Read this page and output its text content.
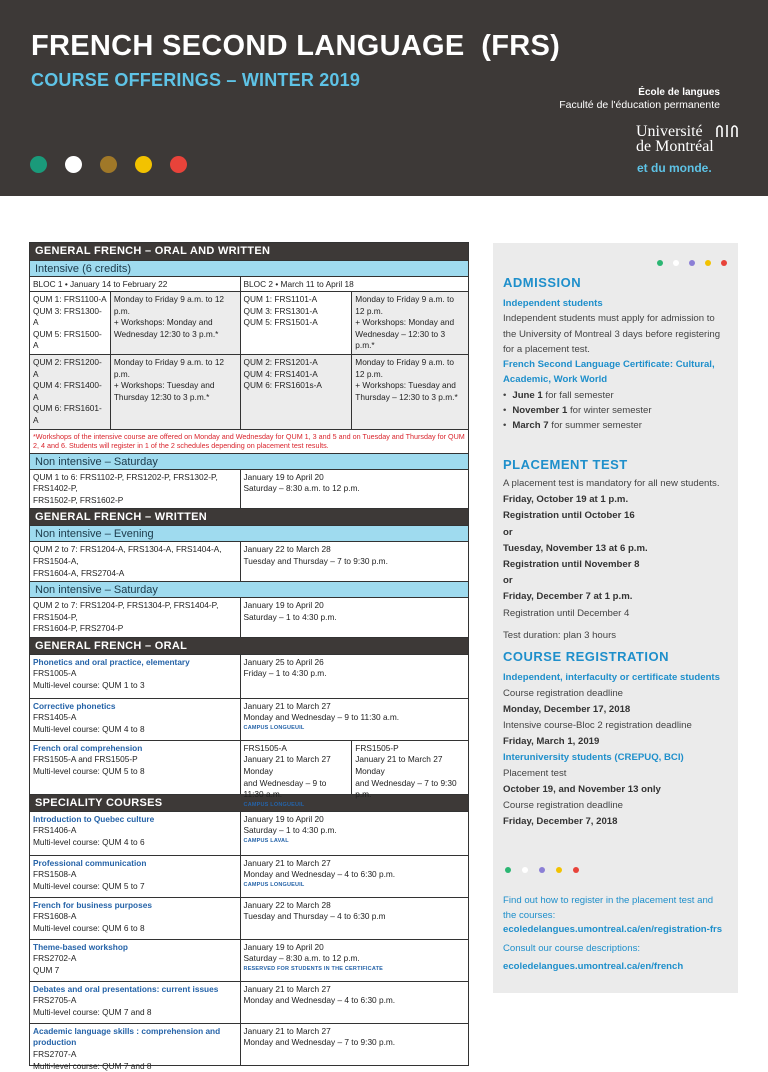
FRENCH SECOND LANGUAGE (FRS)
COURSE OFFERINGS – WINTER 2019
École de langues
Faculté de l'éducation permanente
Université
de Montréal
et du monde.
GENERAL FRENCH – ORAL AND WRITTEN
Intensive (6 credits)
BLOC 1 • January 14 to February 22	BLOC 2 • March 11 to April 18
QUM 1: FRS1100-A
QUM 3: FRS1300-A
QUM 5: FRS1500-A
Monday to Friday 9 a.m. to 12 p.m.
+ Workshops: Monday and
Wednesday 12:30 to 3 p.m.*
QUM 1: FRS1101-A
QUM 3: FRS1301-A
QUM 5: FRS1501-A
Monday to Friday 9 a.m. to 12 p.m.
+ Workshops: Monday and
Wednesday – 12:30 to 3 p.m.*
QUM 2: FRS1200-A
QUM 4: FRS1400-A
QUM 6: FRS1601-A
Monday to Friday 9 a.m. to 12 p.m.
+ Workshops: Tuesday and
Thursday 12:30 to 3 p.m.*
QUM 2: FRS1201-A
QUM 4: FRS1401-A
QUM 6: FRS1601s-A
Monday to Friday 9 a.m. to 12 p.m.
+ Workshops: Tuesday and
Thursday – 12:30 to 3 p.m.*
*Workshops of the intensive course are offered on Monday and Wednesday for QUM 1, 3 and 5 and on Tuesday and Thursday for QUM 2, 4 and 6. Students will register in 1 of the 2 schedules depending on placement test results.
Non intensive – Saturday
QUM 1 to 6: FRS1102-P, FRS1202-P, FRS1302-P, FRS1402-P,
FRS1502-P, FRS1602-P
January 19 to April 20
Saturday – 8:30 a.m. to 12 p.m.
GENERAL FRENCH – WRITTEN
Non intensive – Evening
QUM 2 to 7: FRS1204-A, FRS1304-A, FRS1404-A, FRS1504-A,
FRS1604-A, FRS2704-A
January 22 to March 28
Tuesday and Thursday – 7 to 9:30 p.m.
Non intensive – Saturday
QUM 2 to 7: FRS1204-P, FRS1304-P, FRS1404-P, FRS1504-P,
FRS1604-P, FRS2704-P
January 19 to April 20
Saturday – 1 to 4:30 p.m.
GENERAL FRENCH – ORAL
Phonetics and oral practice, elementary
FRS1005-A
Multi-level course: QUM 1 to 3
January 25 to April 26
Friday – 1 to 4:30 p.m.
Corrective phonetics
FRS1405-A
Multi-level course: QUM 4 to 8
January 21 to March 27
Monday and Wednesday – 9 to 11:30 a.m.
CAMPUS LONGUEUIL
French oral comprehension
FRS1505-A and FRS1505-P
Multi-level course: QUM 5 to 8
FRS1505-A
January 21 to March 27 Monday
and Wednesday – 9 to 11:30 a.m.
CAMPUS LONGUEUIL
FRS1505-P
January 21 to March 27 Monday
and Wednesday – 7 to 9:30 p.m.
SPECIALITY COURSES
Introduction to Quebec culture
FRS1406-A
Multi-level course: QUM 4 to 6
January 19 to April 20
Saturday – 1 to 4:30 p.m.
CAMPUS LAVAL
Professional communication
FRS1508-A
Multi-level course: QUM 5 to 7
January 21 to March 27
Monday and Wednesday – 4 to 6:30 p.m.
CAMPUS LONGUEUIL
French for business purposes
FRS1608-A
Multi-level course: QUM 6 to 8
January 22 to March 28
Tuesday and Thursday – 4 to 6:30 p.m
Theme-based workshop
FRS2702-A
QUM 7
January 19 to April 20
Saturday – 8:30 a.m. to 12 p.m.
RESERVED FOR STUDENTS IN THE CERTIFICATE
Debates and oral presentations: current issues
FRS2705-A
Multi-level course: QUM 7 and 8
January 21 to March 27
Monday and Wednesday – 4 to 6:30 p.m.
Academic language skills : comprehension and production
FRS2707-A
Multi-level course: QUM 7 and 8
January 21 to March 27
Monday and Wednesday – 7 to 9:30 p.m.
ADMISSION
Independent students
Independent students must apply for admission to the University of Montreal 3 days before registering for a placement test.
French Second Language Certificate: Cultural, Academic, Work World
• June 1 for fall semester
• November 1 for winter semester
• March 7 for summer semester
PLACEMENT TEST
A placement test is mandatory for all new students.
Friday, October 19 at 1 p.m.
Registration until October 16
or
Tuesday, November 13 at 6 p.m.
Registration until November 8
or
Friday, December 7 at 1 p.m.
Registration until December 4
Test duration: plan 3 hours
COURSE REGISTRATION
Independent, interfaculty or certificate students
Course registration deadline
Monday, December 17, 2018
Intensive course-Bloc 2 registration deadline
Friday, March 1, 2019
Interuniversity students (CREPUQ, BCI)
Placement test
October 19, and November 13 only
Course registration deadline
Friday, December 7, 2018
Find out how to register in the placement test and the courses:
ecoledelangues.umontreal.ca/en/registration-frs
Consult our course descriptions:
ecoledelangues.umontreal.ca/en/french
